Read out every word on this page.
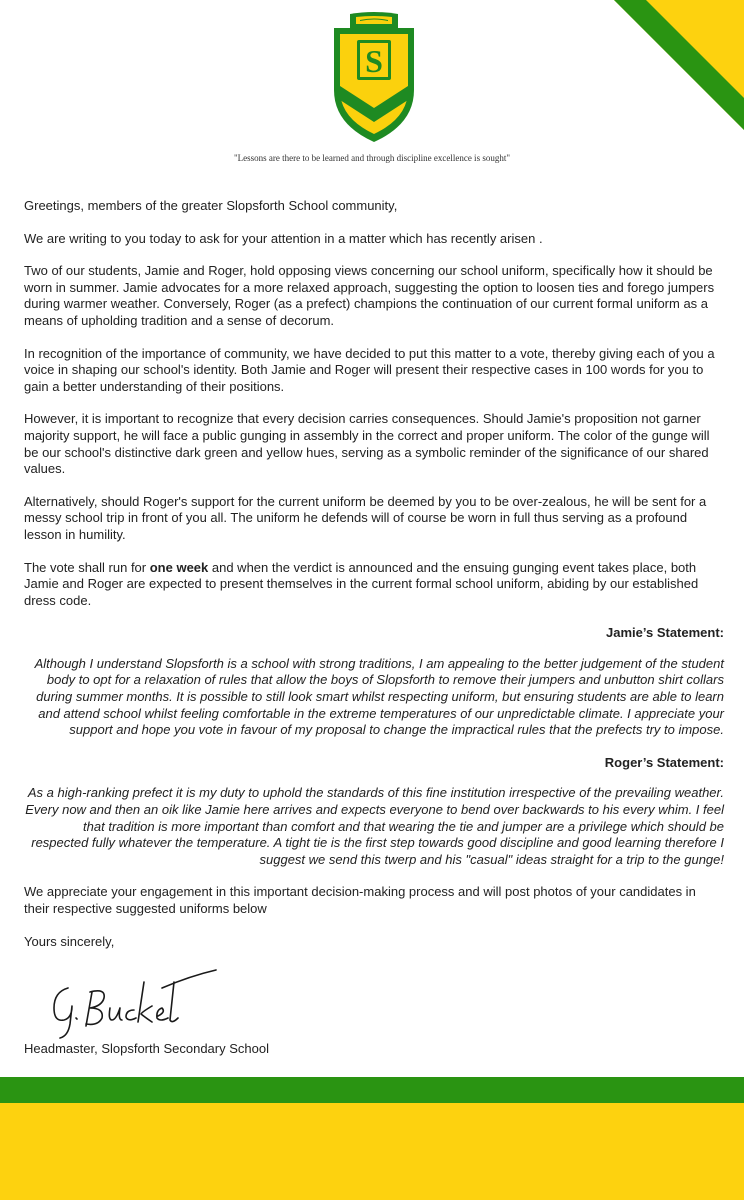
S
"Lessons are there to be learned and through discipline excellence is sought"

Greetings, members of the greater Slopsforth School community,

We are writing to you today to ask for your attention in a matter which has recently arisen .

Two of our students, Jamie and Roger, hold opposing views concerning our school uniform, specifically how it should be worn in summer. Jamie advocates for a more relaxed approach, suggesting the option to loosen ties and forego jumpers during warmer weather. Conversely, Roger (as a prefect) champions the continuation of our current formal uniform as a means of upholding tradition and a sense of decorum.

In recognition of the importance of community, we have decided to put this matter to a vote, thereby giving each of you a voice in shaping our school's identity. Both Jamie and Roger will present their respective cases in 100 words for you to gain a better understanding of their positions.

However, it is important to recognize that every decision carries consequences. Should Jamie's proposition not garner majority support, he will face a public gunging in assembly in the correct and proper uniform. The color of the gunge will be our school's distinctive dark green and yellow hues, serving as a symbolic reminder of the significance of our shared values.

Alternatively, should Roger's support for the current uniform be deemed by you to be over-zealous, he will be sent for a messy school trip in front of you all. The uniform he defends will of course be worn in full thus serving as a profound lesson in humility.

The vote shall run for one week and when the verdict is announced and the ensuing gunging event takes place, both Jamie and Roger are expected to present themselves in the current formal school uniform, abiding by our established dress code.

Jamie’s Statement:

Although I understand Slopsforth is a school with strong traditions, I am appealing to the better judgement of the student body to opt for a relaxation of rules that allow the boys of Slopsforth to remove their jumpers and unbutton shirt collars during summer months. It is possible to still look smart whilst respecting uniform, but ensuring students are able to learn and attend school whilst feeling comfortable in the extreme temperatures of our unpredictable climate. I appreciate your support and hope you vote in favour of my proposal to change the impractical rules that the prefects try to impose.

Roger’s Statement:

As a high-ranking prefect it is my duty to uphold the standards of this fine institution irrespective of the prevailing weather. Every now and then an oik like Jamie here arrives and expects everyone to bend over backwards to his every whim. I feel that tradition is more important than comfort and that wearing the tie and jumper are a privilege which should be respected fully whatever the temperature. A tight tie is the first step towards good discipline and good learning therefore I suggest we send this twerp and his "casual" ideas straight for a trip to the gunge!

We appreciate your engagement in this important decision-making process and will post photos of your candidates in their respective suggested uniforms below

Yours sincerely,

Headmaster, Slopsforth Secondary School
